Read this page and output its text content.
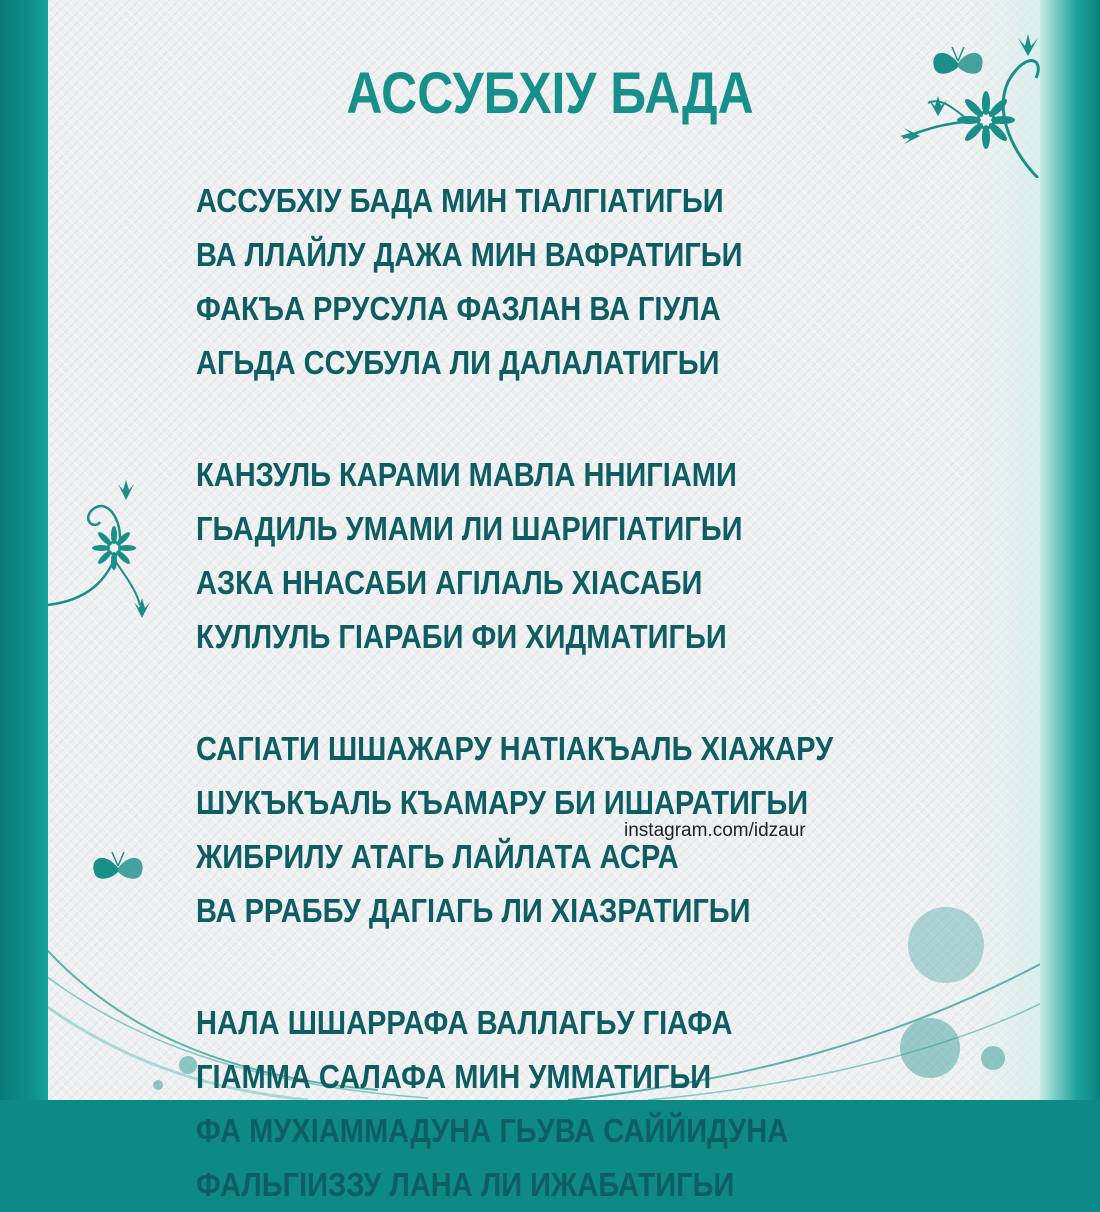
АССУБХIУ БАДА
АССУБХIУ БАДА МИН ТIАЛГIАТИГЬИ
ВА ЛЛАЙЛУ ДАЖА МИН ВАФРАТИГЬИ
ФАКЪА РРУСУЛА ФАЗЛАН ВА ГIУЛА
АГЬДА ССУБУЛА ЛИ ДАЛАЛАТИГЬИ
КАНЗУЛЬ КАРАМИ МАВЛА ННИГIАМИ
ГЬАДИЛЬ УМАМИ ЛИ ШАРИГIАТИГЬИ
АЗКА ННАСАБИ АГIЛАЛЬ ХIАСАБИ
КУЛЛУЛЬ ГIАРАБИ ФИ ХИДМАТИГЬИ
САГIАТИ ШШАЖАРУ НАТIАКЪАЛЬ ХIАЖАРУ
ШУКЪКЪАЛЬ КЪАМАРУ БИ ИШАРАТИГЬИ
ЖИБРИЛУ АТАГЬ ЛАЙЛАТА АСРА
ВА РРАББУ ДАГIАГЬ ЛИ ХIАЗРАТИГЬИ
НАЛА ШШАРРАФА ВАЛЛАГЬУ ГIАФА
ГIАММА САЛАФА МИН УММАТИГЬИ
ФА МУХIАММАДУНА ГЬУВА САЙЙИДУНА
ФАЛЬГIИЗЗУ ЛАНА ЛИ ИЖАБАТИГЬИ
instagram.com/idzaur
